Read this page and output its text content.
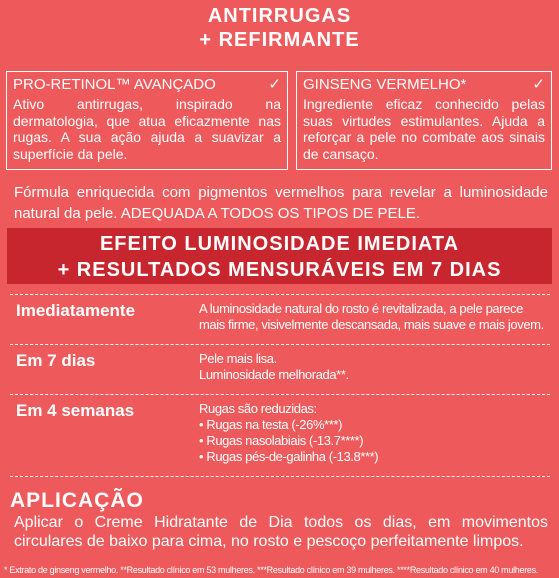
ANTIRRUGAS
+ REFIRMANTE
PRO-RETINOL™ AVANÇADO	✓
Ativo antirrugas, inspirado na dermatologia, que atua eficazmente nas rugas. A sua ação ajuda a suavizar a superfície da pele.
GINSENG VERMELHO*	✓
Ingrediente eficaz conhecido pelas suas virtudes estimulantes. Ajuda a reforçar a pele no combate aos sinais de cansaço.
Fórmula enriquecida com pigmentos vermelhos para revelar a luminosidade natural da pele. ADEQUADA A TODOS OS TIPOS DE PELE.
EFEITO LUMINOSIDADE IMEDIATA
+ RESULTADOS MENSURÁVEIS EM 7 DIAS
Imediatamente	A luminosidade natural do rosto é revitalizada, a pele parece mais firme, visivelmente descansada, mais suave e mais jovem.
Em 7 dias	Pele mais lisa.
Luminosidade melhorada**.
Em 4 semanas	Rugas são reduzidas:
• Rugas na testa (-26%***)
• Rugas nasolabiais (-13.7****)
• Rugas pés-de-galinha (-13.8***)
APLICAÇÃO
Aplicar o Creme Hidratante de Dia todos os dias, em movimentos circulares de baixo para cima, no rosto e pescoço perfeitamente limpos.
* Extrato de ginseng vermelho. **Resultado clínico em 53 mulheres. ***Resultado clínico em 39 mulheres. ****Resultado clínico em 40 mulheres.
